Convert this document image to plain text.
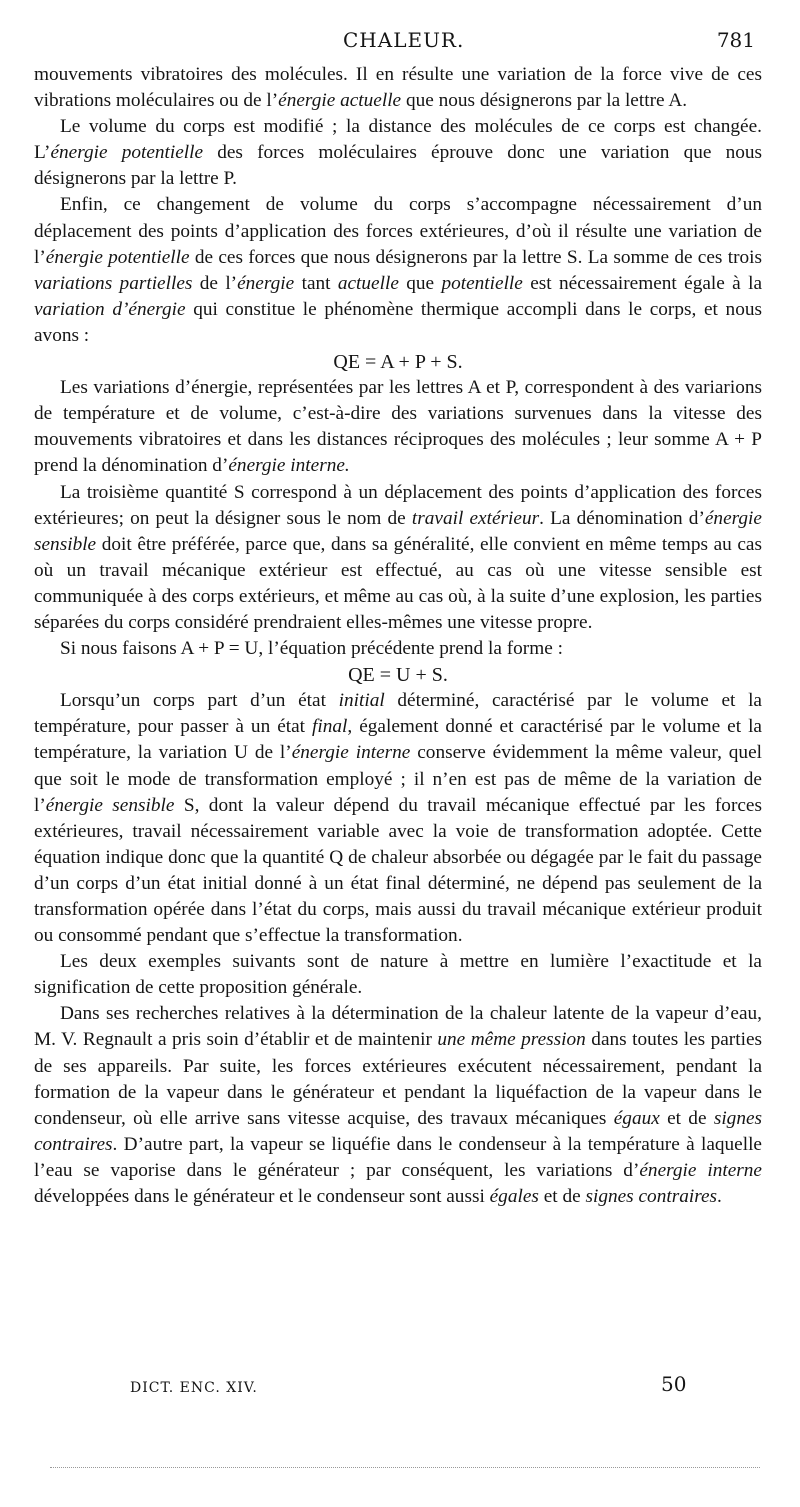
CHALEUR.	781

mouvements vibratoires des molécules. Il en résulte une variation de la force vive de ces vibrations moléculaires ou de l’énergie actuelle que nous désignerons par la lettre A.

Le volume du corps est modifié ; la distance des molécules de ce corps est changée. L’énergie potentielle des forces moléculaires éprouve donc une variation que nous désignerons par la lettre P.

Enfin, ce changement de volume du corps s’accompagne nécessairement d’un déplacement des points d’application des forces extérieures, d’où il résulte une variation de l’énergie potentielle de ces forces que nous désignerons par la lettre S. La somme de ces trois variations partielles de l’énergie tant actuelle que potentielle est nécessairement égale à la variation d’énergie qui constitue le phénomène thermique accompli dans le corps, et nous avons :

QE = A + P + S.

Les variations d’énergie, représentées par les lettres A et P, correspondent à des variarions de température et de volume, c’est-à-dire des variations survenues dans la vitesse des mouvements vibratoires et dans les distances réciproques des molécules ; leur somme A + P prend la dénomination d’énergie interne.

La troisième quantité S correspond à un déplacement des points d’application des forces extérieures; on peut la désigner sous le nom de travail extérieur. La dénomination d’énergie sensible doit être préférée, parce que, dans sa généralité, elle convient en même temps au cas où un travail mécanique extérieur est effectué, au cas où une vitesse sensible est communiquée à des corps extérieurs, et même au cas où, à la suite d’une explosion, les parties séparées du corps considéré prendraient elles-mêmes une vitesse propre.

Si nous faisons A + P = U, l’équation précédente prend la forme :

QE = U + S.

Lorsqu’un corps part d’un état initial déterminé, caractérisé par le volume et la température, pour passer à un état final, également donné et caractérisé par le volume et la température, la variation U de l’énergie interne conserve évidemment la même valeur, quel que soit le mode de transformation employé ; il n’en est pas de même de la variation de l’énergie sensible S, dont la valeur dépend du travail mécanique effectué par les forces extérieures, travail nécessairement variable avec la voie de transformation adoptée. Cette équation indique donc que la quantité Q de chaleur absorbée ou dégagée par le fait du passage d’un corps d’un état initial donné à un état final déterminé, ne dépend pas seulement de la transformation opérée dans l’état du corps, mais aussi du travail mécanique extérieur produit ou consommé pendant que s’effectue la transformation.

Les deux exemples suivants sont de nature à mettre en lumière l’exactitude et la signification de cette proposition générale.

Dans ses recherches relatives à la détermination de la chaleur latente de la vapeur d’eau, M. V. Regnault a pris soin d’établir et de maintenir une même pression dans toutes les parties de ses appareils. Par suite, les forces extérieures exécutent nécessairement, pendant la formation de la vapeur dans le générateur et pendant la liquéfaction de la vapeur dans le condenseur, où elle arrive sans vitesse acquise, des travaux mécaniques égaux et de signes contraires. D’autre part, la vapeur se liquéfie dans le condenseur à la température à laquelle l’eau se vaporise dans le générateur ; par conséquent, les variations d’énergie interne développées dans le générateur et le condenseur sont aussi égales et de signes contraires.

DICT. ENC. XIV.	50
